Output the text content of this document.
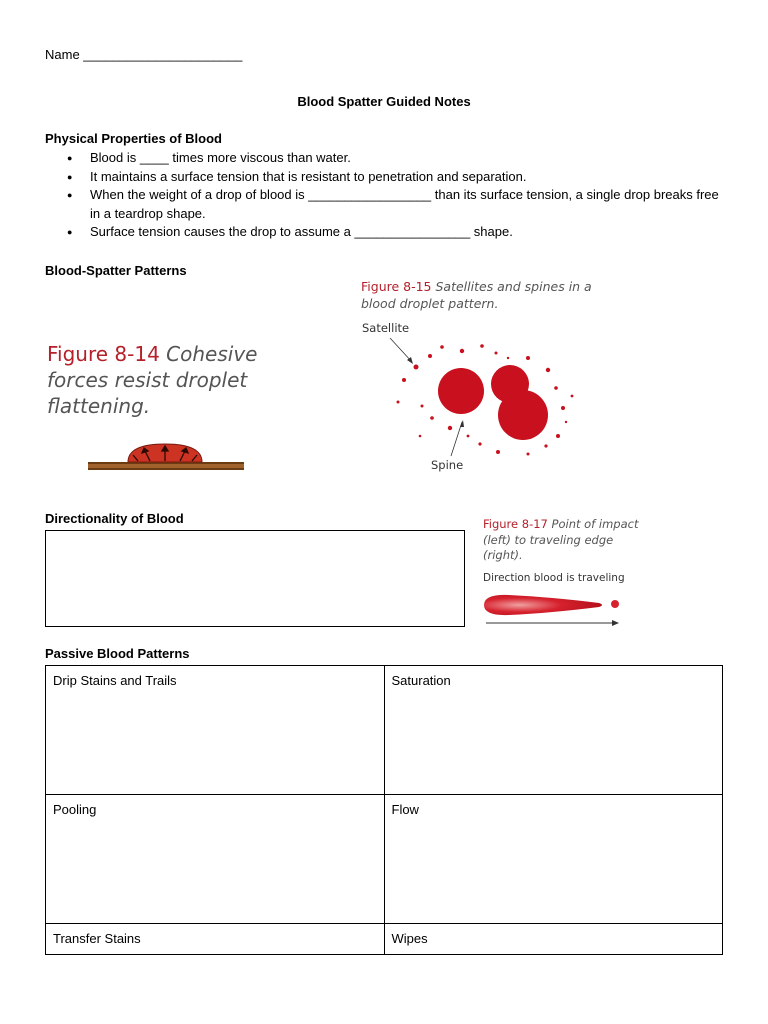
Name ______________________
Blood Spatter Guided Notes
Physical Properties of Blood
● Blood is ____ times more viscous than water.
● It maintains a surface tension that is resistant to penetration and separation.
● When the weight of a drop of blood is _________________ than its surface tension, a single drop breaks free in a teardrop shape.
● Surface tension causes the drop to assume a ________________ shape.
Blood-Spatter Patterns
Figure 8-14 Cohesive forces resist droplet flattening.
Figure 8-15 Satellites and spines in a blood droplet pattern.
Satellite
Spine
Directionality of Blood	Figure 8-17 Point of impact (left) to traveling edge (right).
Direction blood is traveling
Passive Blood Patterns
Drip Stains and Trails	Saturation
Pooling	Flow
Transfer Stains	Wipes
